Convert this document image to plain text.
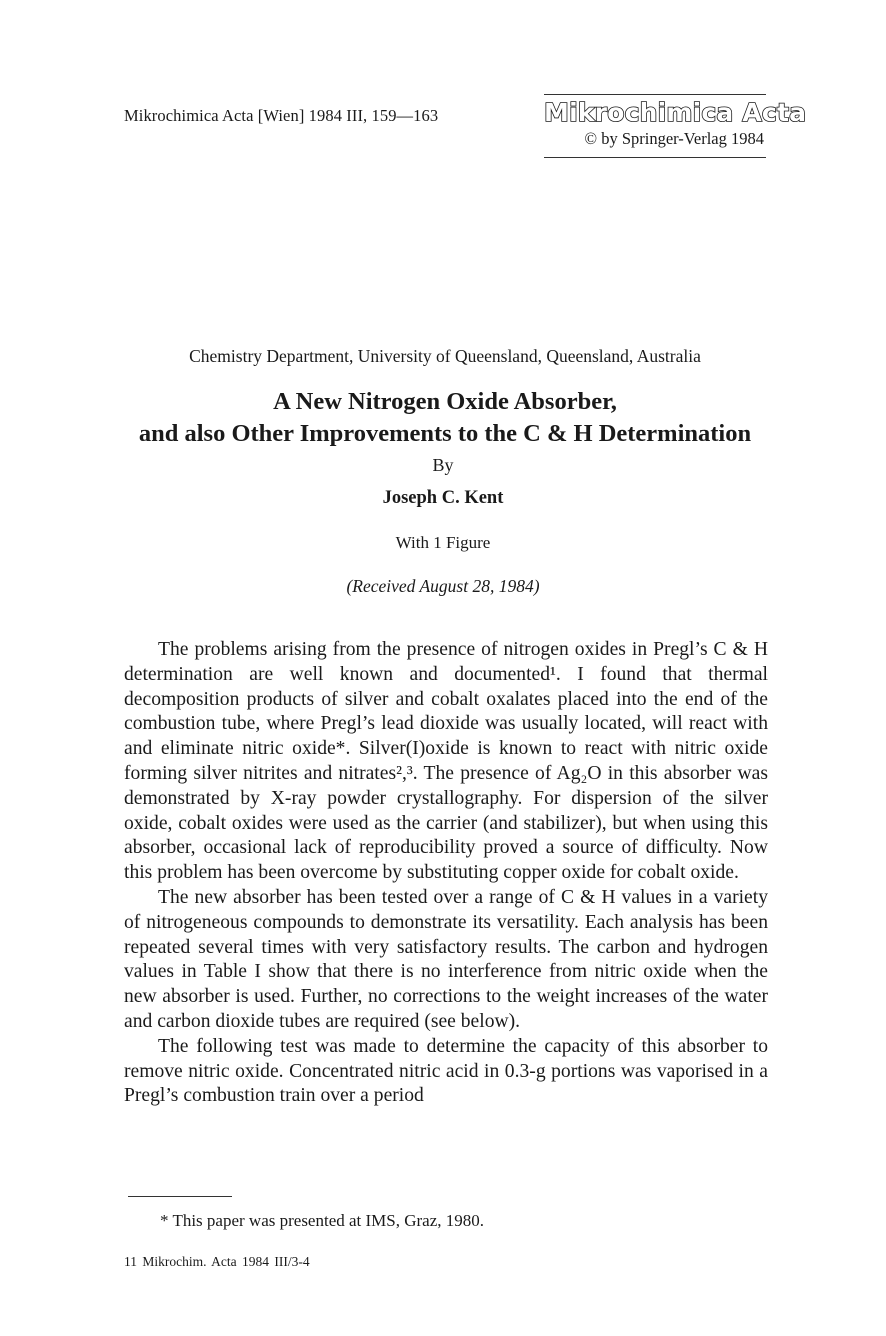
Mikrochimica Acta [Wien] 1984 III, 159—163	Mikrochimica Acta
© by Springer-Verlag 1984
Chemistry Department, University of Queensland, Queensland, Australia
A New Nitrogen Oxide Absorber,
and also Other Improvements to the C & H Determination
By
Joseph C. Kent
With 1 Figure
(Received August 28, 1984)

The problems arising from the presence of nitrogen oxides in Pregl’s C & H determination are well known and documented¹. I found that thermal decomposition products of silver and cobalt oxalates placed into the end of the combustion tube, where Pregl’s lead dioxide was usually located, will react with and eliminate nitric oxide*. Silver(I)oxide is known to react with nitric oxide forming silver nitrites and nitrates²,³. The presence of Ag₂O in this absorber was demonstrated by X-ray powder crystallography. For dispersion of the silver oxide, cobalt oxides were used as the carrier (and stabilizer), but when using this absorber, occasional lack of reproducibility proved a source of difficulty. Now this problem has been overcome by substituting copper oxide for cobalt oxide.

The new absorber has been tested over a range of C & H values in a variety of nitrogeneous compounds to demonstrate its versatility. Each analysis has been repeated several times with very satisfactory results. The carbon and hydrogen values in Table I show that there is no interference from nitric oxide when the new absorber is used. Further, no corrections to the weight increases of the water and carbon dioxide tubes are required (see below).

The following test was made to determine the capacity of this absorber to remove nitric oxide. Concentrated nitric acid in 0.3-g portions was vaporised in a Pregl’s combustion train over a period

* This paper was presented at IMS, Graz, 1980.
11 Mikrochim. Acta 1984 III/3-4
